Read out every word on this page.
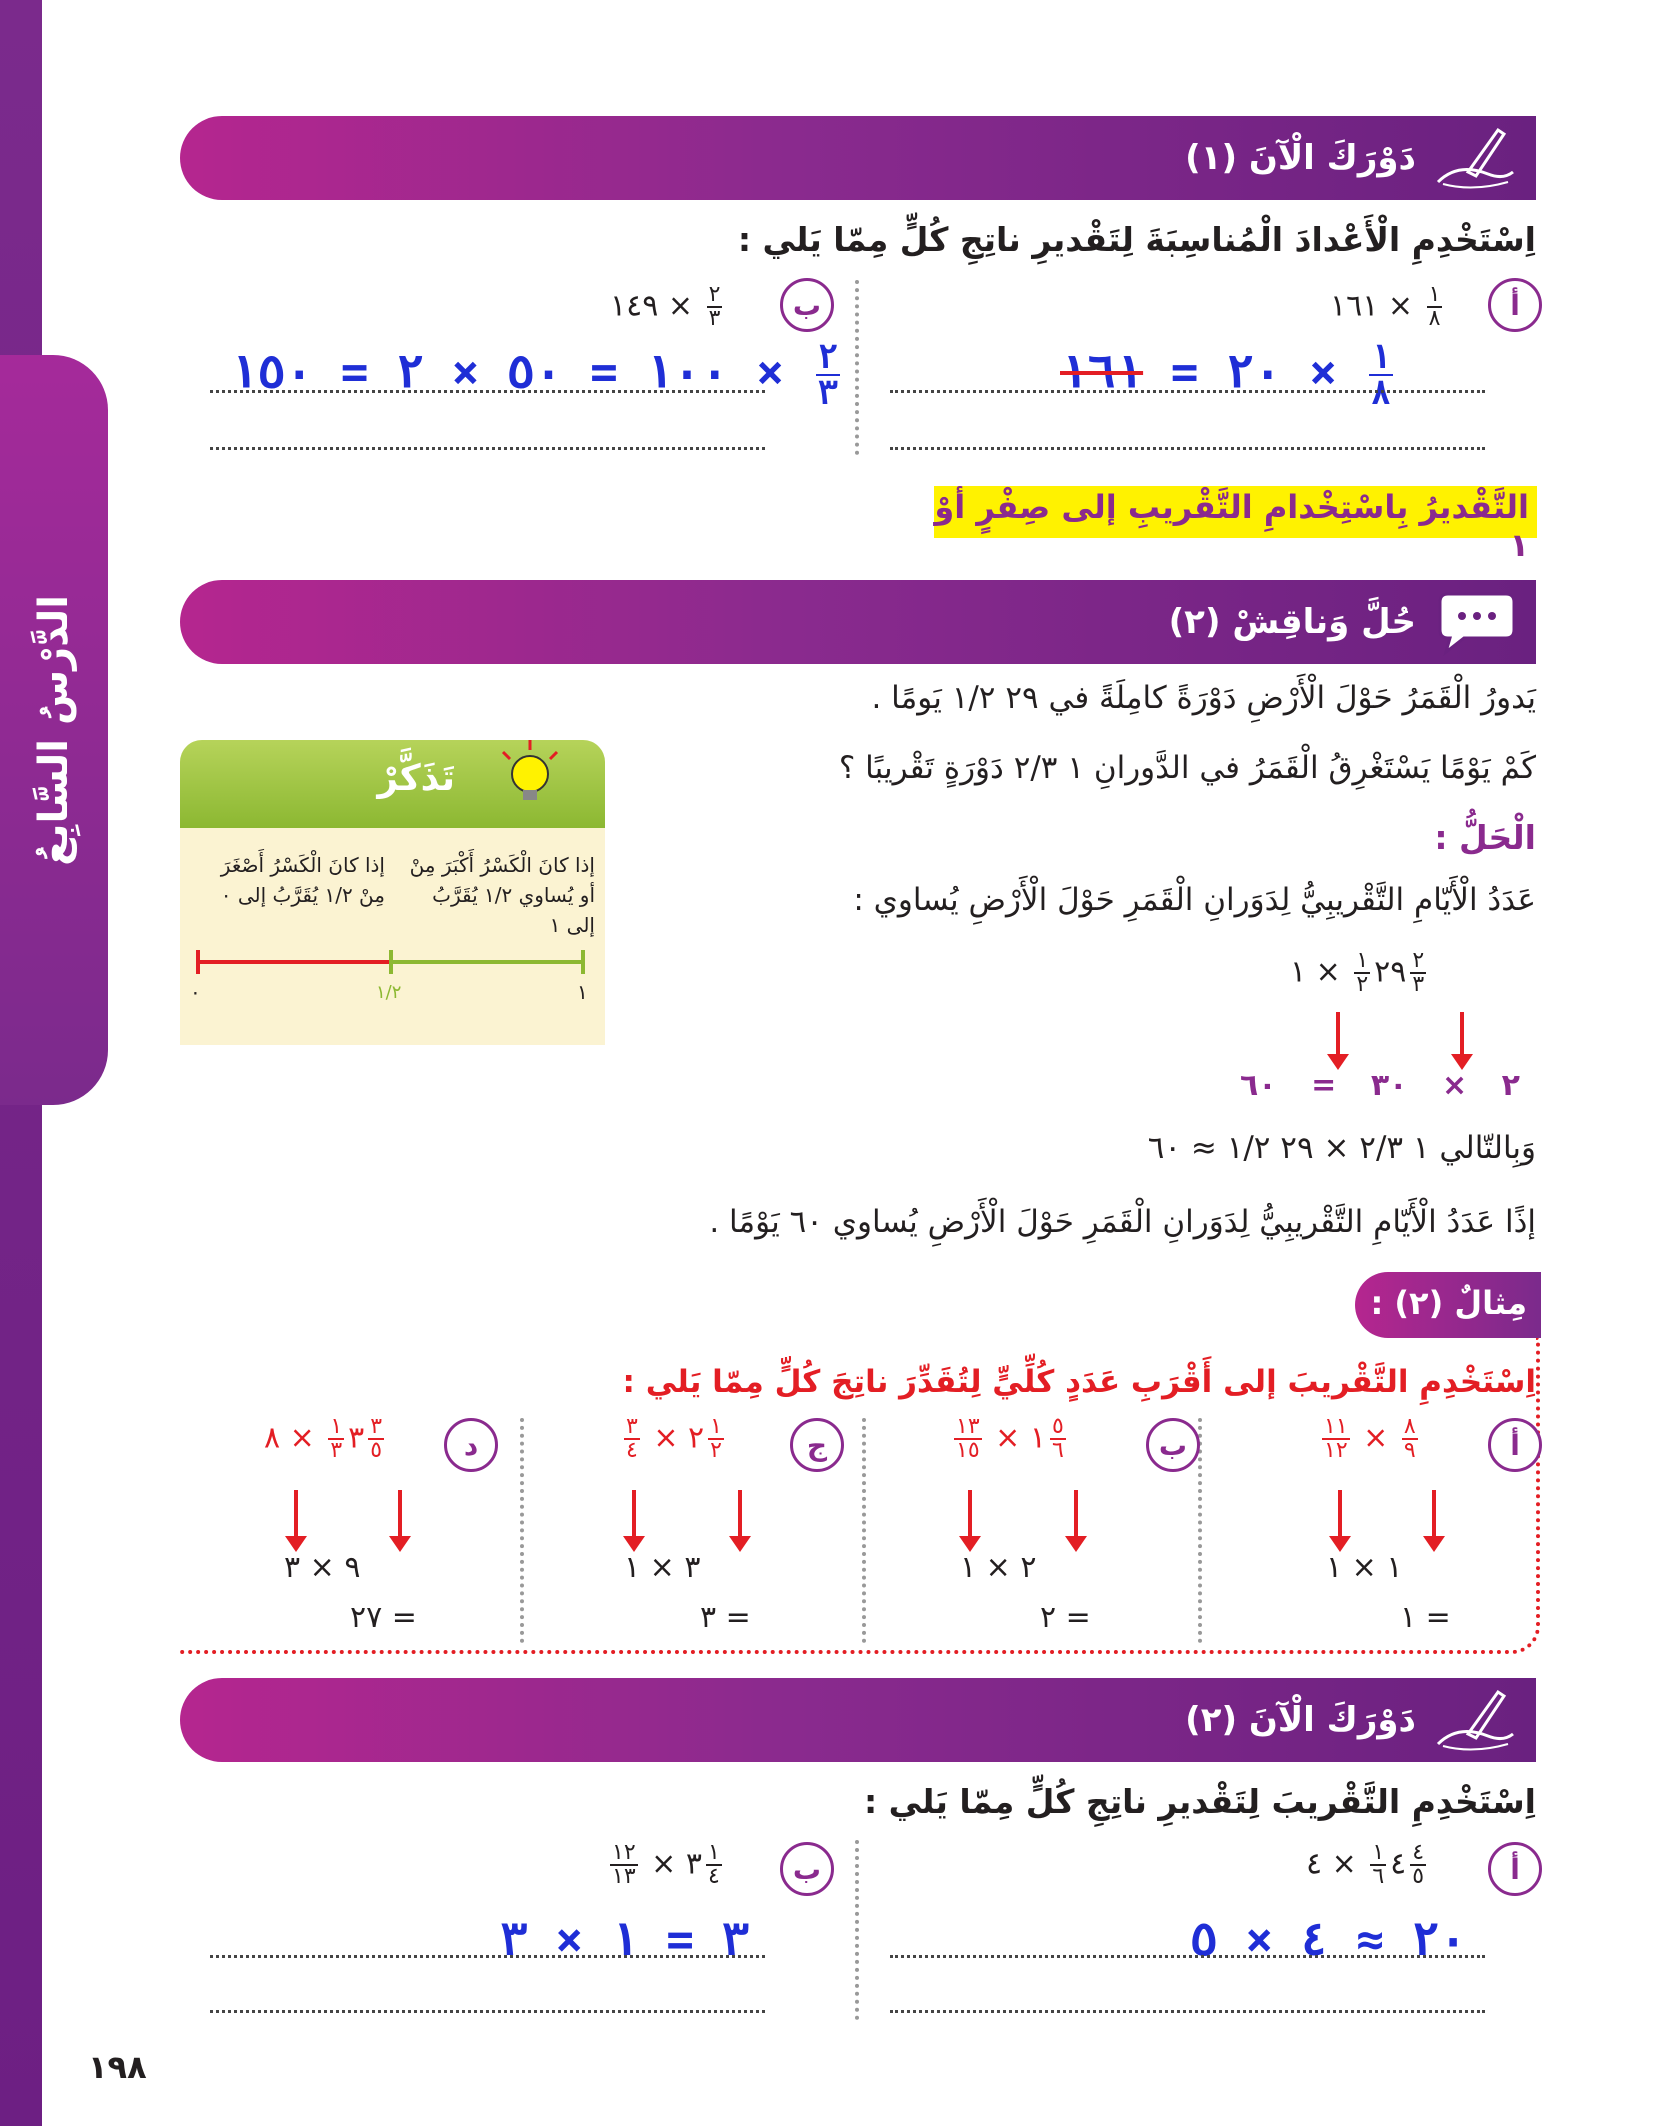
الدَّرْسُ السَّابِعُ
دَوْرَكَ الْآنَ (١)
اِسْتَخْدِمِ الْأَعْدادَ الْمُناسِبَةَ لِتَقْديرِ ناتِجِ كُلٍّ مِمّا يَلي :
أ
١٦١ × $\frac{١}{٨}$
٢٠ = ١٦١	× $\frac{١}{٨}$
ب
١٤٩ × $\frac{٢}{٣}$
١٠٠ = ٥٠ × ٢ = ١٥٠	× $\frac{٢}{٣}$
التَّقْديرُ بِاسْتِخْدامِ التَّقْريبِ إلى صِفْرٍ أوْ ١
حُلَّ وَناقِشْ (٢)
يَدورُ الْقَمَرُ حَوْلَ الْأَرْضِ دَوْرَةً كامِلَةً في ٢٩ ١/٢ يَومًا .
كَمْ يَوْمًا يَسْتَغْرِقُ الْقَمَرُ في الدَّورانِ ١ ٢/٣ دَوْرَةٍ تَقْريبًا ؟
الْحَلُّ :
عَدَدُ الْأَيّامِ التَّقْريبِيُّ لِدَوَرانِ الْقَمَرِ حَوْلَ الْأَرْضِ يُساوي :
٢٩
$\frac{١}{٢}$
× ١	$\frac{٢}{٣}$
٦٠ = ٣٠ × ٢
وَبِالتّالي ١ ٢/٣ × ٢٩ ١/٢ ≈ ٦٠
إذًا عَدَدُ الْأَيّامِ التَّقْريبِيُّ لِدَوَرانِ الْقَمَرِ حَوْلَ الْأَرْضِ يُساوي ٦٠ يَوْمًا .
تَذَكَّرْ
إذا كانَ الْكَسْرُ أَكْبَرَ مِنْ أو يُساوي ١/٢ يُقَرَّبُ إلى ١
إذا كانَ الْكَسْرُ أَصْغَرَ مِنْ ١/٢ يُقَرَّبُ إلى ٠
٠	١/٢	١
مِثالٌ (٢) :
اِسْتَخْدِمِ التَّقْريبَ إلى أَقْرَبِ عَدَدٍ كُلِّيٍّ لِتُقَدِّرَ ناتِجَ كُلٍّ مِمّا يَلي :
أ
$\frac{١١}{١٢} \times \frac{٨}{٩}$
١ × ١
= ١
ب
$\frac{١٣}{١٥}$ × ١ $\frac{٥}{٦}$
٢ × ١
= ٢
ج
$\frac{٣}{٤}$ × ٢ $\frac{١}{٢}$
٣ × ١
= ٣
د
٣
$\frac{١}{٣}$
× ٨ $\frac{٣}{٥}$
٩ × ٣
= ٢٧
دَوْرَكَ الْآنَ (٢)
اِسْتَخْدِمِ التَّقْريبَ لِتَقْديرِ ناتِجِ كُلٍّ مِمّا يَلي :
أ
٤
$\frac{١}{٦}$
× ٤ $\frac{٤}{٥}$
٢٠ ≈ ٤ × ٥
ب
$\frac{١٢}{١٣}$ × ٣ $\frac{١}{٤}$
٣ = ١ × ٣
١٩٨
